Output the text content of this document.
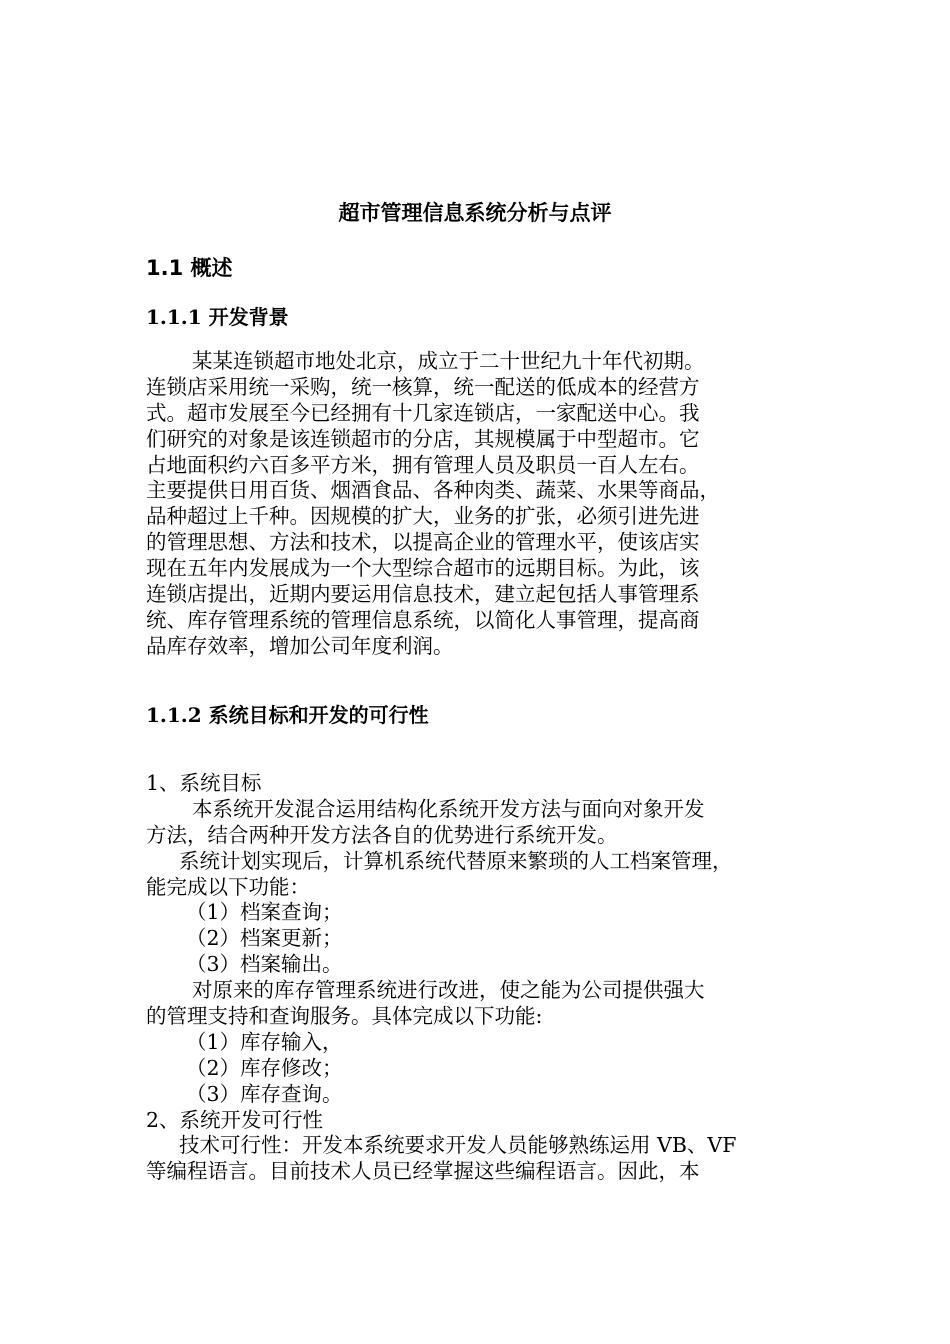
超市管理信息系统分析与点评
1.1 概述
1.1.1 开发背景
某某连锁超市地处北京，成立于二十世纪九十年代初期。
连锁店采用统一采购，统一核算，统一配送的低成本的经营方
式。超市发展至今已经拥有十几家连锁店，一家配送中心。我
们研究的对象是该连锁超市的分店，其规模属于中型超市。它
占地面积约六百多平方米，拥有管理人员及职员一百人左右。
主要提供日用百货、烟酒食品、各种肉类、蔬菜、水果等商品，
品种超过上千种。因规模的扩大，业务的扩张，必须引进先进
的管理思想、方法和技术，以提高企业的管理水平，使该店实
现在五年内发展成为一个大型综合超市的远期目标。为此，该
连锁店提出，近期内要运用信息技术，建立起包括人事管理系
统、库存管理系统的管理信息系统，以简化人事管理，提高商
品库存效率，增加公司年度利润。
1.1.2 系统目标和开发的可行性
1、系统目标
本系统开发混合运用结构化系统开发方法与面向对象开发
方法，结合两种开发方法各自的优势进行系统开发。
系统计划实现后，计算机系统代替原来繁琐的人工档案管理，
能完成以下功能：
（1）档案查询；
（2）档案更新；
（3）档案输出。
对原来的库存管理系统进行改进，使之能为公司提供强大
的管理支持和查询服务。具体完成以下功能:
（1）库存输入，
（2）库存修改；
（3）库存查询。
2、系统开发可行性
技术可行性：开发本系统要求开发人员能够熟练运用 VB、VF
等编程语言。目前技术人员已经掌握这些编程语言。因此，本
